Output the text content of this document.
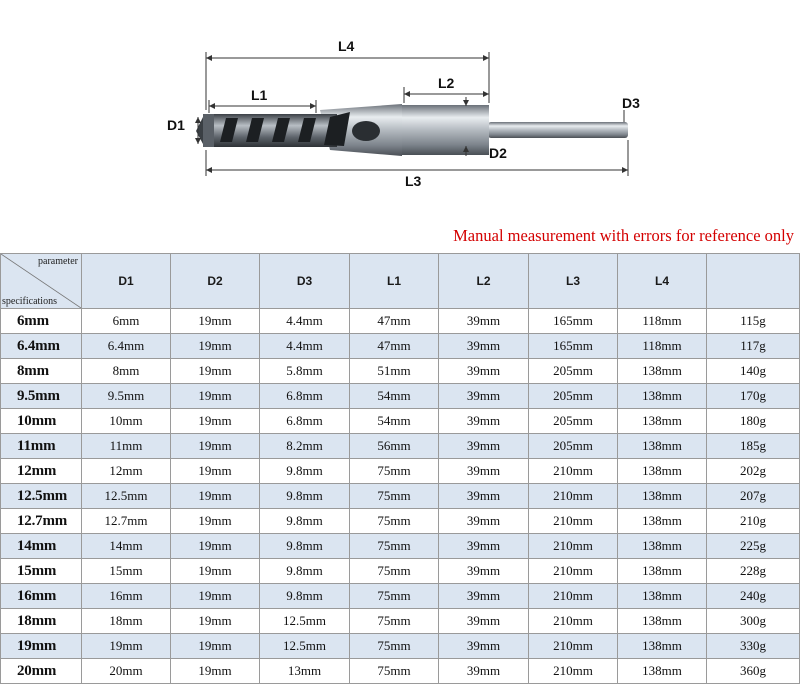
L4
L1
L2
D3
D1
D2
L3
Manual measurement with errors for reference only
parameter
specifications	D1	D2	D3	L1	L2	L3	L4	
6mm	6mm	19mm	4.4mm	47mm	39mm	165mm	118mm	115g
6.4mm	6.4mm	19mm	4.4mm	47mm	39mm	165mm	118mm	117g
8mm	8mm	19mm	5.8mm	51mm	39mm	205mm	138mm	140g
9.5mm	9.5mm	19mm	6.8mm	54mm	39mm	205mm	138mm	170g
10mm	10mm	19mm	6.8mm	54mm	39mm	205mm	138mm	180g
11mm	11mm	19mm	8.2mm	56mm	39mm	205mm	138mm	185g
12mm	12mm	19mm	9.8mm	75mm	39mm	210mm	138mm	202g
12.5mm	12.5mm	19mm	9.8mm	75mm	39mm	210mm	138mm	207g
12.7mm	12.7mm	19mm	9.8mm	75mm	39mm	210mm	138mm	210g
14mm	14mm	19mm	9.8mm	75mm	39mm	210mm	138mm	225g
15mm	15mm	19mm	9.8mm	75mm	39mm	210mm	138mm	228g
16mm	16mm	19mm	9.8mm	75mm	39mm	210mm	138mm	240g
18mm	18mm	19mm	12.5mm	75mm	39mm	210mm	138mm	300g
19mm	19mm	19mm	12.5mm	75mm	39mm	210mm	138mm	330g
20mm	20mm	19mm	13mm	75mm	39mm	210mm	138mm	360g
